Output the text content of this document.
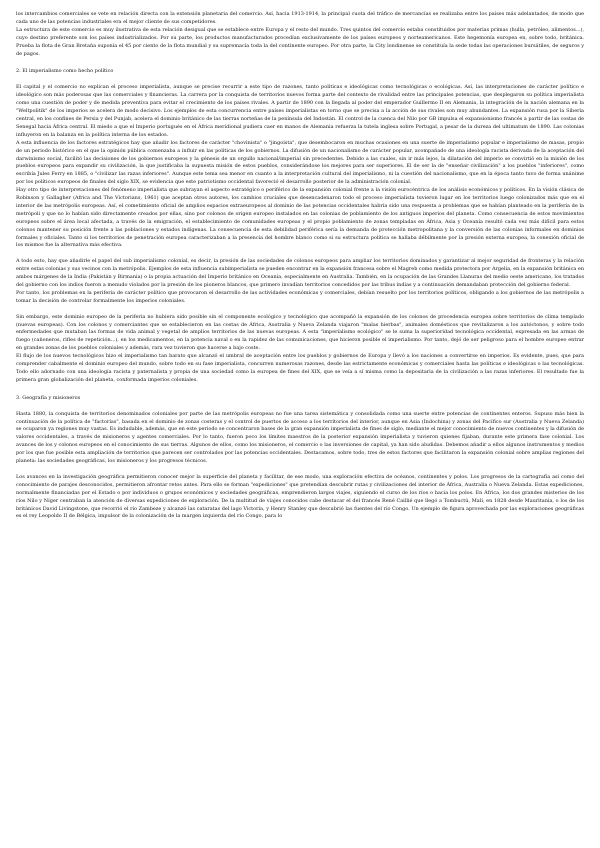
los intercambios comerciales se vete en relación directa con la extensión planetaria del comercio. Así, hacia 1913-1914, la principal cuota del tráfico de mercancías se realizaba entre los países más adelantados, de modo que cada uno de las potencias industriales era el mejor cliente de sus competidores.

La estructura de este comercio es muy ilustrativa de esta relación desigual que se establece entre Europa y el resto del mundo. Tres quintos del comercio estaba constituidos por materias primas (hulla, petróleo, alimentos...), cuyo destino preferente son los países industrializados. Por su parte, los productos manufacturados procedían exclusivamente de los países europeos y norteamericanos. Este hegemonía europea en, sobre todo, británica. Prueba la flota de Gran Bretaña suponía el 45 por ciento de la flota mundial y su supremacía toda la del continente europeo. Por otra parte, la City londinense se constituía la sede todas las operaciones bursátiles, de seguros y de pagos.

2. El imperialismo como hecho político

El capital y el comercio no explican el proceso imperialista, aunque se precise recurrir a este tipo de razones, tanto políticas e ideológicas como tecnológicas o ecológicas. Así, las interpretaciones de carácter político e ideológico son más poderosas que las comerciales y financieras. La carrera por la conquista de territorios nuevos forma parte del contexto de rivalidad entre las principales potencias, que desplegaron su política imperialista como una cuestión de poder y de medida preventiva para evitar el crecimiento de los países rivales. A partir de 1890 con la llegada al poder del emperador Guillermo II en Alemania, la integración de la nación alemana en la "Weltpolitik" de los imperios se acelera de modo decisivo. Los ejemplos de esta concurrencia entre países imperialistas en torno que se precisa a la acción de sus rivales son muy abundantes. La expansión rusa por la Siberia central, en los confines de Persia y del Punjab, acelera el dominio británico de las tierras norteñas de la península del Indostán. El control de la cuenca del Nilo por GB impulsa el expansionismo francés a partir de las costas de Senegal hacia África central. El miedo a que el Imperio portugués en el África meridional pudiera caer en manos de Alemania refuerza la tutela inglesa sobre Portugal, a pesar de la dureza del ultimatum de 1890. Las colonias influyeron en la balanza en la política interna de los estados.

A esta influencia de los factores estratégicos hay que añadir los factores de carácter "chovinista" o "jingoísta", que desembocaron en muchas ocasiones en una suerte de imperialismo popular e imperialismo de masas, propio de un periodo histórico en el que la opinión pública comenzaba a influir en las políticas de los gobiernos. La difusión de un nacionalismo de carácter popular, acompañado de una ideología racista derivada de la aceptación del darwinismo social, facilitó las decisiones de los gobiernos europeos y la génesis de un orgullo nacional/imperial sin precedentes. Debido a las cuales, sin ir más lejos, la dilatación del imperio se convirtió en la misión de los pueblos europeos para expandir su civilización, la que justificaba la supuesta misión de estos pueblos, considerándose los mejores para ser superiores. El de ser la de "enseñar civilización" a los pueblos "inferiores", como escribía Jules Ferry en 1885, o "civilizar las razas inferiores". Aunque este tema sea menor en cuanto a la interpretación cultural del imperialismo, ni la cuestión del nacionalismo, que en la época tanto tuvo de forma unánime por los políticos europeos de finales del siglo XIX, se evidencia que este patriotismo occidental favoreció el desarrollo posterior de la administración colonial.

Hay otro tipo de interpretaciones del fenómeno imperialista que subrayan el aspecto estratégico o periférico de la expansión colonial frente a la visión eurocéntrica de los análisis económicos y políticos. En la visión clásica de Robinson y Gallagher (Africa and The Victorians, 1961) que aceptan otros autores, los cambios cruciales que desencadenaron todo el proceso imperialista tuvieron lugar en los territorios luego colonizados más que en el interior de las metrópolis europeas. Así, el cometimiento oficial de amplios espacios extraeuropeos al dominio de las potencias occidentales habría sido una respuesta a problemas que se habían planteado en la periferia de la metrópoli y que no lo habían sido directamente creados por ellas, sino por colonos de origen europeo instalados en las colonias de poblamiento de los antiguos imperios del planeta. Como consecuencia de estos movimientos europeos sobre el área local afectada, a través de la emigración, el establecimiento de comunidades europeas y el propio poblamiento de zonas templadas en África, Asia y Oceanía resultó cada vez más difícil para estos colonos mantener su posición frente a las poblaciones y estados indígenas. La consecuencia de esta debilidad periférica sería la demanda de protección metropolitana y la conversión de las colonias informales en dominios formales y oficiales. Tanto si los territorios de penetración europea caracterizaban a la presencia del hombre blanco como si su estructura política se hallaba débilmente por la presión externa europea, la conexión oficial de los mismos fue la alternativa más efectiva.

A todo esto, hay que añadirle el papel del sub imperialismo colonial, es decir, la presión de las sociedades de colonos europeos para ampliar los territorios dominados y garantizar al mejor seguridad de fronteras y la relación entre estas colonias y sus vecinos con la metrópolis. Ejemplos de esta influencia subimperialista se pueden encontrar en la expansión francesa sobre el Magreb como medida protectora por Argelia, en la expansión británica en ambos márgenes de la India (Pakistán y Birmania) o la propia actuación del Imperio británico en Oceanía, especialmente en Australia. También, en la ocupación de las Grandes Llanuras del medio oeste americano, los tratados del gobierno con los indios fueron a menudo violados por la presión de los pioneros blancos, que primero invadían territorios concedidos por las tribus indias y a continuación demandaban protección del gobierno federal.

Por tanto, los problemas en la periferia de carácter político que provocaron el desarrollo de las actividades económicas y comerciales, debían resuelto por los territorios políticos, obligando a los gobiernos de las metrópolis a tomar la decisión de controlar formalmente los imperios coloniales.

Sin embargo, este dominio europeo de la periferia no hubiera sido posible sin el componente ecológico y tecnológico que acompañó la expansión de los colonos de procedencia europea sobre territorios de clima templado (nuevas europeas). Con los colonos y comerciantes que se establecieron en las costas de África, Australia y Nueva Zelanda viajaron "malas hierbas", animales domésticos que revitalizaron a los autóctonos, y sobre todo enfermedades que mutaban las formas de vida animal y vegetal de amplios territorios de las nuevas europeas. A esta "imperialismo ecológico" se le suma la superioridad tecnológica occidental, expresada en las armas de fuego (cañoneros, rifles de repetición...), en los medicamentos, en la potencia naval o en la rapidez de las comunicaciones, que hicieron posible el imperialismo. Por tanto, dejó de ser peligroso para el hombre europeo entrar en grandes zonas de los pueblos coloniales y además, rara vez tuvieron que hacerse a bajo coste.

El flujo de los nuevos tecnológicos hizo el imperialismo tan barato que alcanzó el umbral de aceptación entre los pueblos y gobiernos de Europa y llevó a los naciones a convertirse en imperios. Es evidente, pues, que para comprender cabalmente el dominio europeo del mundo, sobre todo en su fase imperialista, concurren numerosas razones, desde las estrictamente económicas y comerciales hasta las políticas e ideológicas o las tecnológicas. Todo ello adornado con una ideología racista y paternalista y propia de una sociedad como la europea de fines del XIX, que se veía a sí misma como la depositaria de la civilización a las razas inferiores. El resultado fue la primera gran globalización del planeta, conformada imperios coloniales.

3. Geografía y misioneros

Hasta 1880, la conquista de territorios denominados coloniales por parte de las metrópolis europeas no fue una tarea sistemática y consolidada como una suerte entre potencias de continentes enteros. Supuso más bien la continuación de la política de "factorías", basada en el dominio de zonas costeras y el control de puertos de acceso a los territorios del interior, aunque en Asia (Indochina) y zonas del Pacífico sur (Australia y Nueva Zelanda) se ocuparon ya regiones muy vastas. Es indudable, además, que en este periodo se concentraron bases de la gran expansión imperialista de fines de siglo, mediante el mejor conocimiento de nuevos continentes y la difusión de valores occidentales, a través de misioneros y agentes comerciales. Por lo tanto, fueron poco los límites maestros de la posterior expansión imperialista y tuvieron quienes fijaban, durante este primera fase colonial. Los avances de los y colonos europeos en el conocimiento de sus tierras. Algunos de ellos, como los misioneros, el comercio o las inversiones de capital, ya han sido aludidas. Debemos añadir a ellos algunos instrumentos y medios por los que fue posible esta ampliación de territorios que parecen ser controlados por las potencias occidentales. Destacamos, sobre todo, tres de estos factores que facilitaron la expansión colonial sobre amplias regiones del planeta: las sociedades geográficas, los misioneros y los progresos técnicos.

Los avances en la investigación geográfica permitieron conocer mejor la superficie del planeta y facilitar, de ese modo, una exploración efectiva de océanos, continentes y polos. Los progresos de la cartografía así como del conocimiento de parajes desconocidos, permitieron afrontar retos antes. Para ello se forman "expediciones" que pretendían descubrir rutas y civilizaciones del interior de África, Australia o Nueva Zelanda. Estas expediciones, normalmente financiadas por el Estado o por individuos o grupos económicos y sociedades geográficas, emprendieron largos viajes, siguiendo el curso de los ríos o hacia los polos. En África, los dos grandes misterios de los ríos Nilo y Níger centraban la atención de diversas expediciones de exploración. De la multitud de viajes conocidos cabe destacar el del francés René Caillié que llegó a Tombuctú, Malí, en 1828 desde Mauritania, o los de los británicos David Livingstone, que recorrió el río Zambeze y alcanzó las cataratas del lago Victoria, y Henry Stanley que descubrió las fuentes del río Congo. Un ejemplo de figura aprovechada por las exploraciones geográficas es el rey Leopoldo II de Bélgica, impulsor de la colonización de la margen izquierda del río Congo, para lo
